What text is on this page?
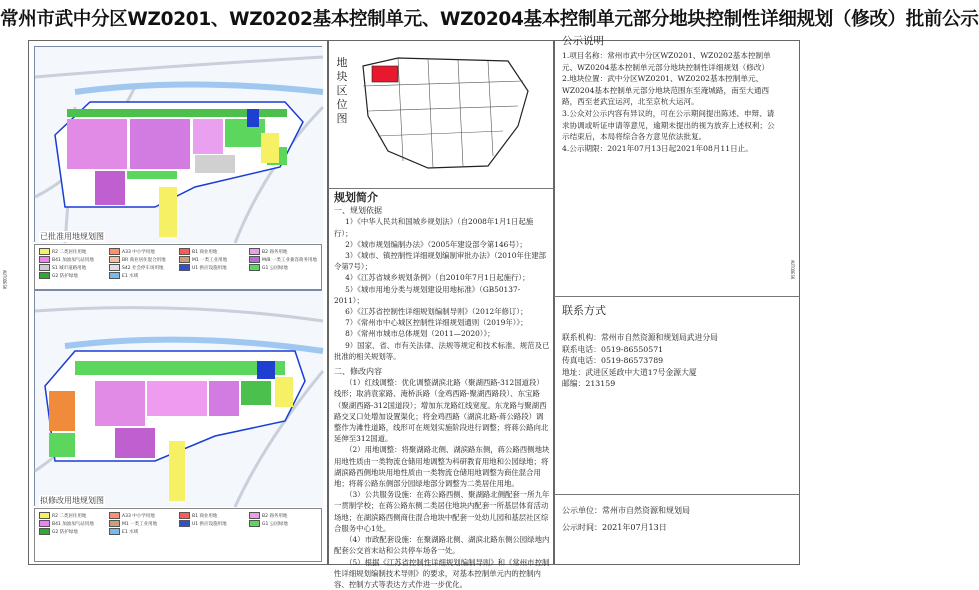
常州市武中分区WZ0201、WZ0202基本控制单元、WZ0204基本控制单元部分地块控制性详细规划（修改）批前公示
AUTODESK
AUTODESK
已批准用地规划图
R2 二类居住用地	A33 中小学用地	B1 商业用地	B2 商务用地
B41 加油加气站用地	BR 商业居住混合用地	M1 一类工业用地	M/B 一类工业兼容商务用地
S1 城市道路用地	S42 社会停车场用地	U1 供应设施用地	G1 公园绿地
G2 防护绿地	E1 水域
拟修改用地规划图
R2 二类居住用地	A33 中小学用地	B1 商业用地	B2 商务用地
B41 加油加气站用地	M1 一类工业用地	U1 供应设施用地	G1 公园绿地
G2 防护绿地	E1 水域
地
块
区
位
图
规划简介
一、规划依据

1）《中华人民共和国城乡规划法》（自2008年1月1日起施行）；

2）《城市规划编制办法》（2005年建设部令第146号）；

3）《城市、镇控制性详细规划编制审批办法》（2010年住建部令第7号）；

4）《江苏省城乡规划条例》（自2010年7月1日起施行）；

5）《城市用地分类与规划建设用地标准》（GB50137-2011）；

6）《江苏省控制性详细规划编制导则》（2012年修订）；

7）《常州市中心城区控制性详细规划通则（2019年）》；

8）《常州市城市总体规划（2011—2020）》；

9）国家、省、市有关法律、法规等规定和技术标准、规范及已批准的相关规划等。

二、修改内容

（1）红线调整：优化调整湖滨北路（聚湖西路-312国道段）线形；取消袁家路、淹桥浜路（金鸡西路-聚湖西路段）、东宝路（聚湖西路-312国道段）；增加东龙路红线宽度。东龙路与聚湖西路交叉口处增加设置渠化；将金鸡西路（湖滨北路-蒋公路段）调整作为滩性道路，线形可在规划实施阶段进行调整；将蒋公路向北延伸至312国道。

（2）用地调整：将聚湖路北侧、湖滨路东侧，蒋公路西侧地块用地性质由一类物流仓储用地调整为科研教育用地和公园绿地；将湖滨路西侧地块用地性质由一类物流仓储用地调整为商住混合用地；将蒋公路东侧部分园绿地部分调整为二类居住用地。

（3）公共服务设施：在蒋公路西侧、聚湖路北侧配套一所九年一贯制学校；在蒋公路东侧二类居住地块内配套一所基层体育活动场地；在湖滨路西侧商住混合地块中配套一处幼儿园和基层社区综合服务中心1处。

（4）市政配套设施：在聚湖路北侧、湖滨北路东侧公园绿地内配套公交首末站和公共停车场各一处。

（5）根据《江苏省控制性详细规划编制导则》和《常州市控制性详细规划编制技术导则》的要求，对基本控制单元内的控制内容、控制方式等表达方式作进一步优化。

公示说明

1.项目名称：常州市武中分区WZ0201、WZ0202基本控制单元、WZ0204基本控制单元部分地块控制性详细规划（修改）

2.地块位置：武中分区WZ0201、WZ0202基本控制单元、WZ0204基本控制单元部分地块范围东至淹城路，南至大通西路，西至老武宜运河，北至京杭大运河。

3.公众对公示内容有异议的，可在公示期间提出陈述、申辩、请求协调或听证申请等意见，逾期未提出的视为放弃上述权利；公示结束后，本局将综合各方意见依法批复。

4.公示期限：2021年07月13日起2021年08月11日止。

联系方式

联系机构：常州市自然资源和规划局武进分局

联系电话：0519-86550571

传真电话：0519-86573789

地址：武进区延政中大道17号金源大厦

邮编：213159

公示单位：常州市自然资源和规划局
公示时间：2021年07月13日
